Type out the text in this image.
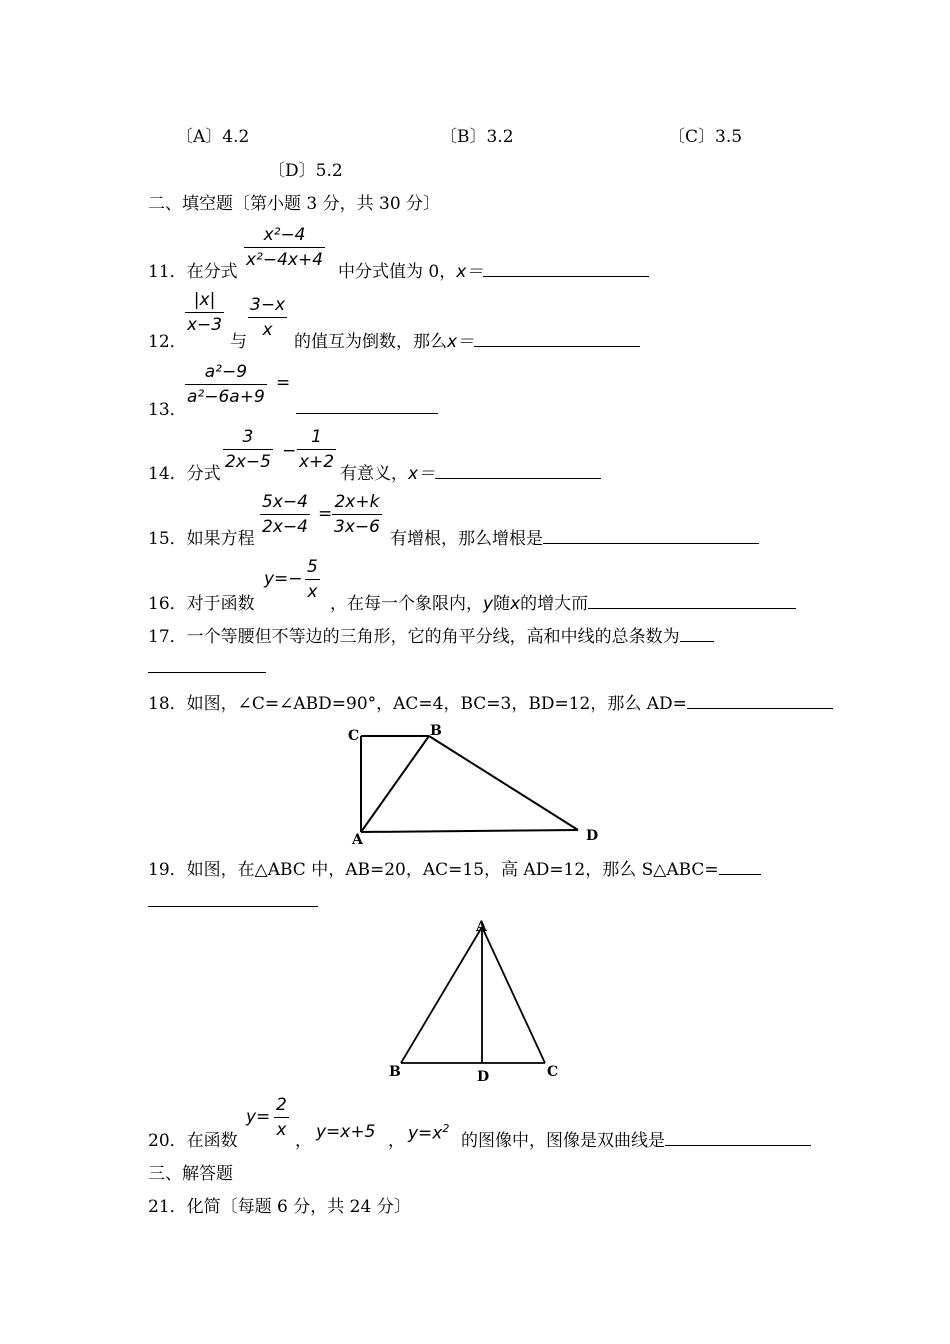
〔A〕4.2	〔B〕3.2	〔C〕3.5
〔D〕5.2
二、填空题〔第小题 3 分，共 30 分〕
11．在分式
x²−4
x²−4x+4
中分式值为 0，x＝
12．
|x|
x−3
与
3−x
x
的值互为倒数，那么x＝
13．
a²−9
a²−6a+9
=
14．分式
3
2x−5
−
1
x+2
有意义，x＝
15．如果方程
5x−4
2x−4
=
2x+k
3x−6
有增根，那么增根是
16．对于函数
y=−
5
x
，在每一个象限内，y随x的增大而
17．一个等腰但不等边的三角形，它的角平分线，高和中线的总条数为
18．如图，∠C=∠ABD=90°，AC=4，BC=3，BD=12，那么 AD=
C	B
A	D
19．如图，在△ABC 中，AB=20，AC=15，高 AD=12，那么 S△ABC=
A
B	D	C
20．在函数
y=
2
x
， y=x+5 ， $y=x^2$
的图像中，图像是双曲线是
三、解答题
21．化简〔每题 6 分，共 24 分〕
